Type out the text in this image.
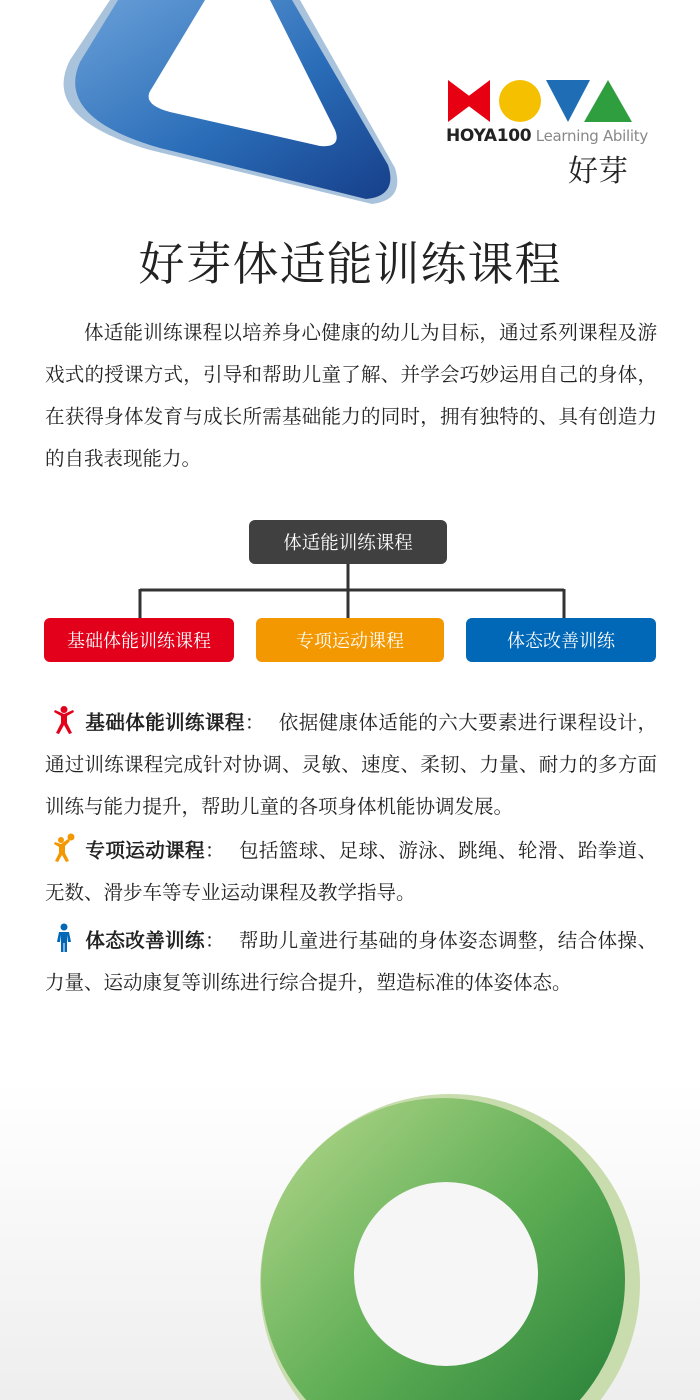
HOYA100 Learning Ability
好芽
好芽体适能训练课程

体适能训练课程以培养身心健康的幼儿为目标，通过系列课程及游戏式的授课方式，引导和帮助儿童了解、并学会巧妙运用自己的身体，在获得身体发育与成长所需基础能力的同时，拥有独特的、具有创造力的自我表现能力。

体适能训练课程
基础体能训练课程	专项运动课程	体态改善训练
基础体能训练课程： 依据健康体适能的六大要素进行课程设计，通过训练课程完成针对协调、灵敏、速度、柔韧、力量、耐力的多方面训练与能力提升，帮助儿童的各项身体机能协调发展。
专项运动课程： 包括篮球、足球、游泳、跳绳、轮滑、跆拳道、无数、滑步车等专业运动课程及教学指导。
体态改善训练： 帮助儿童进行基础的身体姿态调整，结合体操、力量、运动康复等训练进行综合提升，塑造标准的体姿体态。
